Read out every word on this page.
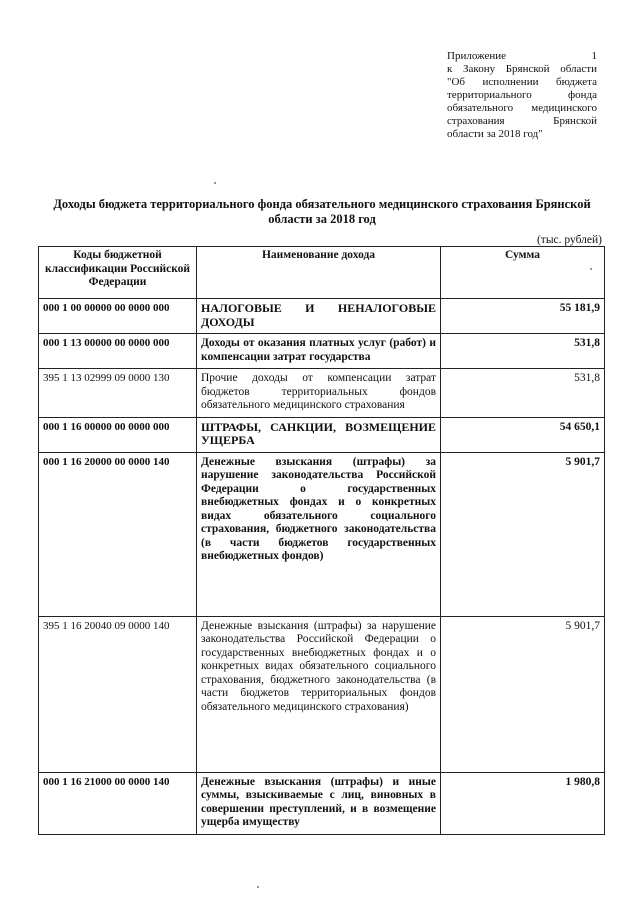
Приложение 1
к Закону Брянской области
"Об исполнении бюджета
территориального фонда
обязательного медицинского
страхования Брянской
области за 2018 год"
Доходы бюджета территориального фонда обязательного медицинского страхования Брянской области за 2018 год
(тыс. рублей)
Коды бюджетной классификации Российской Федерации	Наименование дохода	Сумма
000 1 00 00000 00 0000 000	НАЛОГОВЫЕ И НЕНАЛОГОВЫЕ ДОХОДЫ	55 181,9
000 1 13 00000 00 0000 000	Доходы от оказания платных услуг (работ) и компенсации затрат государства	531,8
395 1 13 02999 09 0000 130	Прочие доходы от компенсации затрат бюджетов территориальных фондов обязательного медицинского страхования	531,8
000 1 16 00000 00 0000 000	ШТРАФЫ, САНКЦИИ, ВОЗМЕЩЕНИЕ УЩЕРБА	54 650,1
000 1 16 20000 00 0000 140	Денежные взыскания (штрафы) за нарушение законодательства Российской Федерации о государственных внебюджетных фондах и о конкретных видах обязательного социального страхования, бюджетного законодательства (в части бюджетов государственных внебюджетных фондов)	5 901,7
395 1 16 20040 09 0000 140	Денежные взыскания (штрафы) за нарушение законодательства Российской Федерации о государственных внебюджетных фондах и о конкретных видах обязательного социального страхования, бюджетного законодательства (в части бюджетов территориальных фондов обязательного медицинского страхования)	5 901,7
000 1 16 21000 00 0000 140	Денежные взыскания (штрафы) и иные суммы, взыскиваемые с лиц, виновных в совершении преступлений, и в возмещение ущерба имуществу	1 980,8
